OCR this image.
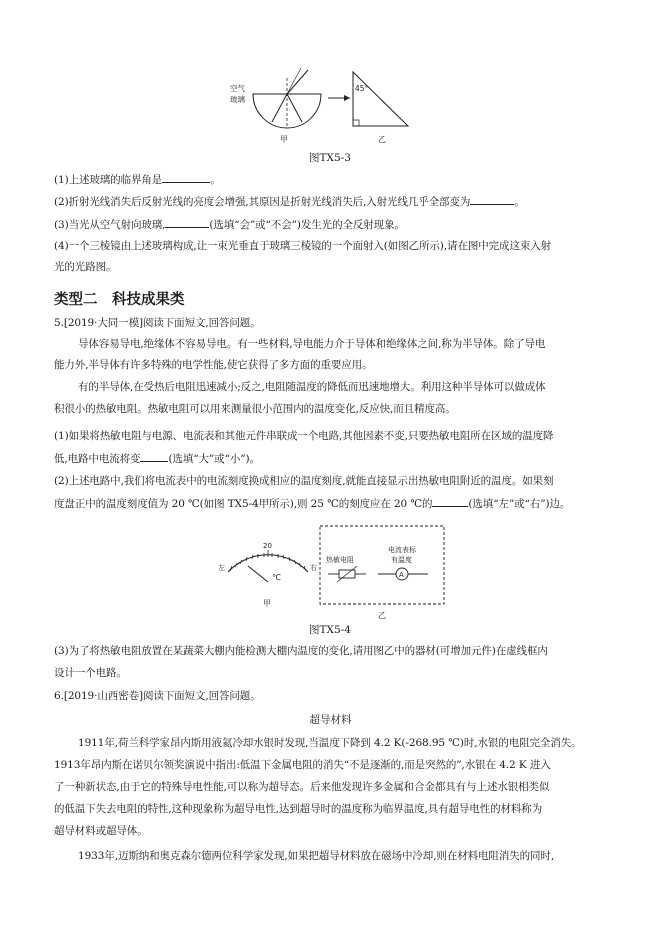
空气
玻璃
甲
45°
乙
图TX5-3
(1)上述玻璃的临界角是	。
(2)折射光线消失后反射光线的亮度会增强,其原因是折射光线消失后,入射光线几乎全部变为	。
(3)当光从空气射向玻璃,	(选填“会”或“不会”)发生光的全反射现象。
(4)一个三棱镜由上述玻璃构成,让一束光垂直于玻璃三棱镜的一个面射入(如图乙所示),请在图中完成这束入射
光的光路图。
类型二　科技成果类
5.[2019·大同一模]阅读下面短文,回答问题。
导体容易导电,绝缘体不容易导电。有一些材料,导电能力介于导体和绝缘体之间,称为半导体。除了导电
能力外,半导体有许多特殊的电学性能,使它获得了多方面的重要应用。
有的半导体,在受热后电阻迅速减小;反之,电阻随温度的降低而迅速地增大。利用这种半导体可以做成体
积很小的热敏电阻。热敏电阻可以用来测量很小范围内的温度变化,反应快,而且精度高。
(1)如果将热敏电阻与电源、电流表和其他元件串联成一个电路,其他因素不变,只要热敏电阻所在区域的温度降
低,电路中电流将变	(选填“大”或“小”)。
(2)上述电路中,我们将电流表中的电流刻度换成相应的温度刻度,就能直接显示出热敏电阻附近的温度。如果刻
度盘正中的温度刻度值为 20 ℃(如图 TX5-4甲所示),则 25 ℃的刻度应在 20 ℃的	(选填“左”或“右”)边。
左
20
右
℃
甲
热敏电阻
电流表标
有温度
A
乙
图TX5-4
(3)为了将热敏电阻放置在某蔬菜大棚内能检测大棚内温度的变化,请用图乙中的器材(可增加元件)在虚线框内
设计一个电路。
6.[2019·山西密卷]阅读下面短文,回答问题。
超导材料
1911年,荷兰科学家昂内斯用液氦冷却水银时发现,当温度下降到 4.2 K(-268.95 ℃)时,水银的电阻完全消失。
1913年昂内斯在诺贝尔领奖演说中指出:低温下金属电阻的消失“不是逐渐的,而是突然的”,水银在 4.2 K 进入
了一种新状态,由于它的特殊导电性能,可以称为超导态。后来他发现许多金属和合金都具有与上述水银相类似
的低温下失去电阻的特性,这种现象称为超导电性,达到超导时的温度称为临界温度,具有超导电性的材料称为
超导材料或超导体。
1933年,迈斯纳和奥克森尔德两位科学家发现,如果把超导材料放在磁场中冷却,则在材料电阻消失的同时,
